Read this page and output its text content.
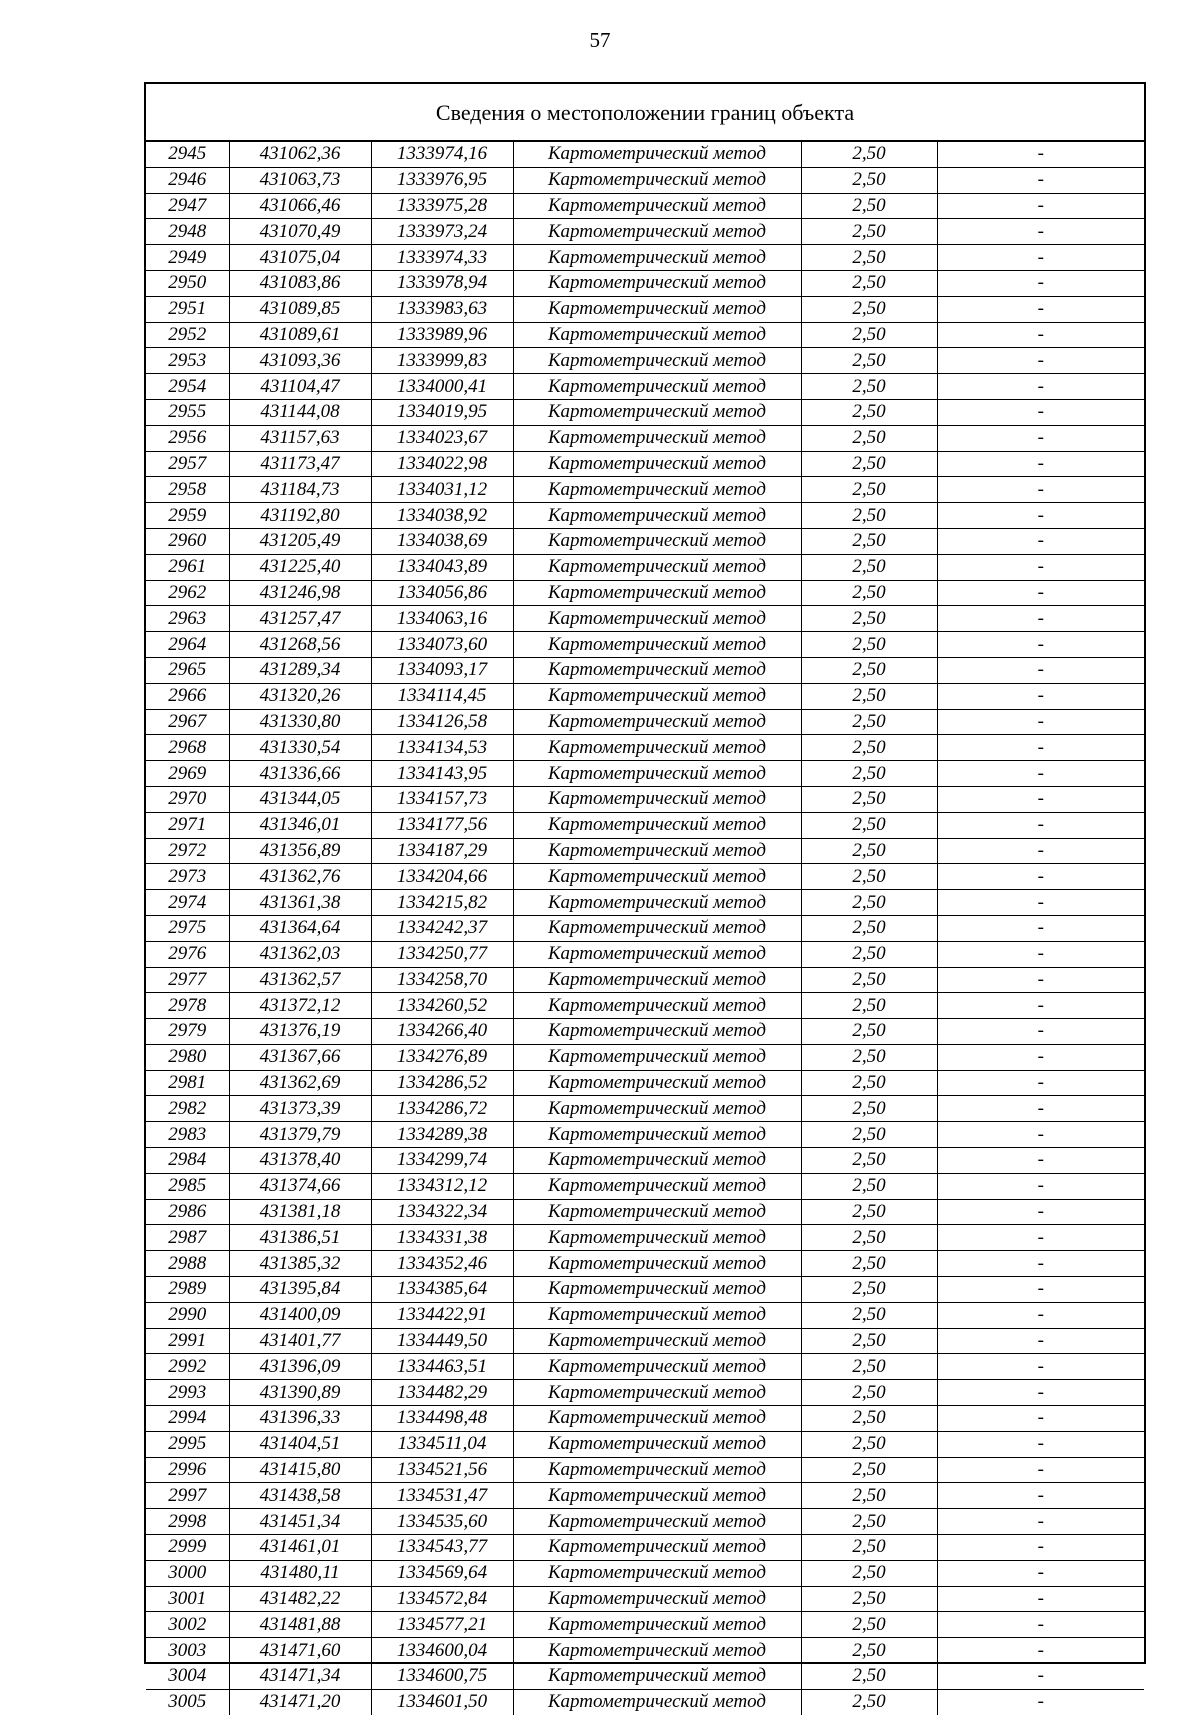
57
Сведения о местоположении границ объекта
2945	431062,36	1333974,16	Картометрический метод	2,50	-
2946	431063,73	1333976,95	Картометрический метод	2,50	-
2947	431066,46	1333975,28	Картометрический метод	2,50	-
2948	431070,49	1333973,24	Картометрический метод	2,50	-
2949	431075,04	1333974,33	Картометрический метод	2,50	-
2950	431083,86	1333978,94	Картометрический метод	2,50	-
2951	431089,85	1333983,63	Картометрический метод	2,50	-
2952	431089,61	1333989,96	Картометрический метод	2,50	-
2953	431093,36	1333999,83	Картометрический метод	2,50	-
2954	431104,47	1334000,41	Картометрический метод	2,50	-
2955	431144,08	1334019,95	Картометрический метод	2,50	-
2956	431157,63	1334023,67	Картометрический метод	2,50	-
2957	431173,47	1334022,98	Картометрический метод	2,50	-
2958	431184,73	1334031,12	Картометрический метод	2,50	-
2959	431192,80	1334038,92	Картометрический метод	2,50	-
2960	431205,49	1334038,69	Картометрический метод	2,50	-
2961	431225,40	1334043,89	Картометрический метод	2,50	-
2962	431246,98	1334056,86	Картометрический метод	2,50	-
2963	431257,47	1334063,16	Картометрический метод	2,50	-
2964	431268,56	1334073,60	Картометрический метод	2,50	-
2965	431289,34	1334093,17	Картометрический метод	2,50	-
2966	431320,26	1334114,45	Картометрический метод	2,50	-
2967	431330,80	1334126,58	Картометрический метод	2,50	-
2968	431330,54	1334134,53	Картометрический метод	2,50	-
2969	431336,66	1334143,95	Картометрический метод	2,50	-
2970	431344,05	1334157,73	Картометрический метод	2,50	-
2971	431346,01	1334177,56	Картометрический метод	2,50	-
2972	431356,89	1334187,29	Картометрический метод	2,50	-
2973	431362,76	1334204,66	Картометрический метод	2,50	-
2974	431361,38	1334215,82	Картометрический метод	2,50	-
2975	431364,64	1334242,37	Картометрический метод	2,50	-
2976	431362,03	1334250,77	Картометрический метод	2,50	-
2977	431362,57	1334258,70	Картометрический метод	2,50	-
2978	431372,12	1334260,52	Картометрический метод	2,50	-
2979	431376,19	1334266,40	Картометрический метод	2,50	-
2980	431367,66	1334276,89	Картометрический метод	2,50	-
2981	431362,69	1334286,52	Картометрический метод	2,50	-
2982	431373,39	1334286,72	Картометрический метод	2,50	-
2983	431379,79	1334289,38	Картометрический метод	2,50	-
2984	431378,40	1334299,74	Картометрический метод	2,50	-
2985	431374,66	1334312,12	Картометрический метод	2,50	-
2986	431381,18	1334322,34	Картометрический метод	2,50	-
2987	431386,51	1334331,38	Картометрический метод	2,50	-
2988	431385,32	1334352,46	Картометрический метод	2,50	-
2989	431395,84	1334385,64	Картометрический метод	2,50	-
2990	431400,09	1334422,91	Картометрический метод	2,50	-
2991	431401,77	1334449,50	Картометрический метод	2,50	-
2992	431396,09	1334463,51	Картометрический метод	2,50	-
2993	431390,89	1334482,29	Картометрический метод	2,50	-
2994	431396,33	1334498,48	Картометрический метод	2,50	-
2995	431404,51	1334511,04	Картометрический метод	2,50	-
2996	431415,80	1334521,56	Картометрический метод	2,50	-
2997	431438,58	1334531,47	Картометрический метод	2,50	-
2998	431451,34	1334535,60	Картометрический метод	2,50	-
2999	431461,01	1334543,77	Картометрический метод	2,50	-
3000	431480,11	1334569,64	Картометрический метод	2,50	-
3001	431482,22	1334572,84	Картометрический метод	2,50	-
3002	431481,88	1334577,21	Картометрический метод	2,50	-
3003	431471,60	1334600,04	Картометрический метод	2,50	-
3004	431471,34	1334600,75	Картометрический метод	2,50	-
3005	431471,20	1334601,50	Картометрический метод	2,50	-
